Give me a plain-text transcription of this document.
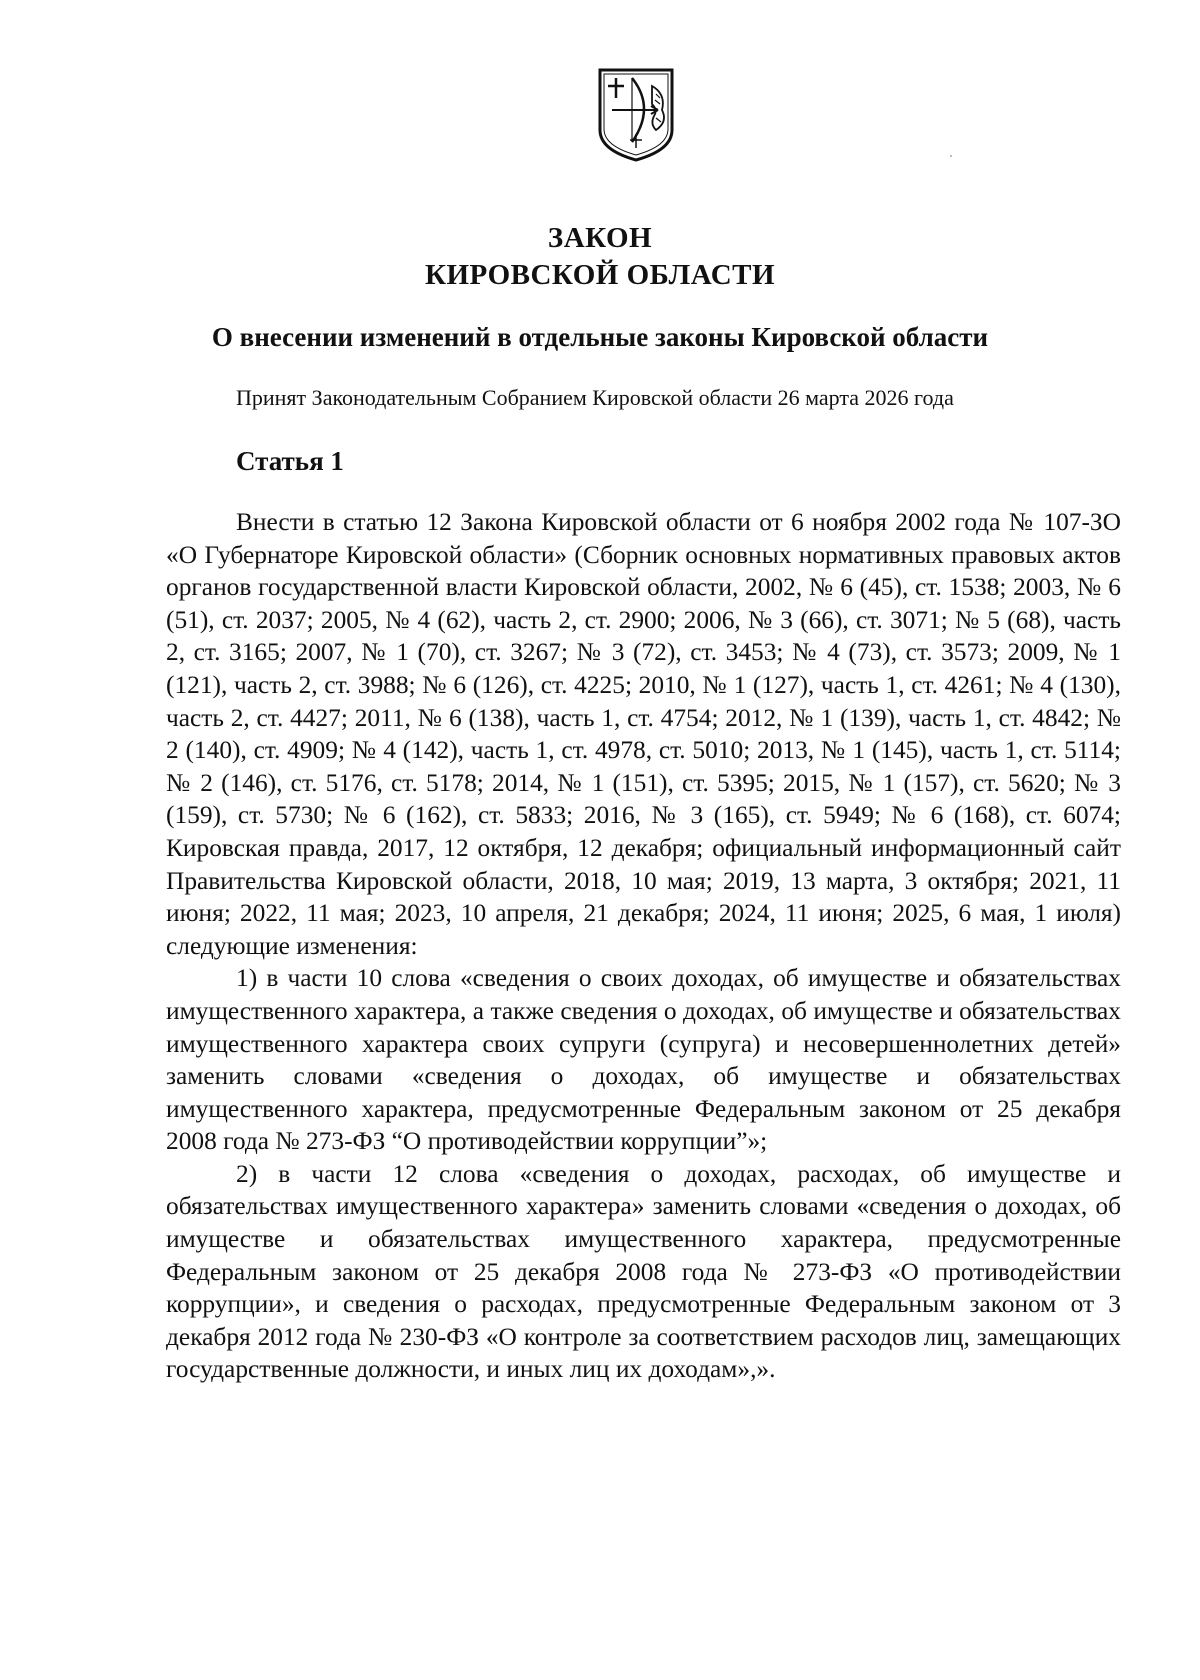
ЗАКОН
КИРОВСКОЙ ОБЛАСТИ
О внесении изменений в отдельные законы Кировской области

Принят Законодательным Собранием Кировской области 26 марта 2026 года

Статья 1

Внести в статью 12 Закона Кировской области от 6 ноября 2002 года № 107-ЗО «О Губернаторе Кировской области» (Сборник основных нормативных правовых актов органов государственной власти Кировской области, 2002, № 6 (45), ст. 1538; 2003, № 6 (51), ст. 2037; 2005, № 4 (62), часть 2, ст. 2900; 2006, № 3 (66), ст. 3071; № 5 (68), часть 2, ст. 3165; 2007, № 1 (70), ст. 3267; № 3 (72), ст. 3453; № 4 (73), ст. 3573; 2009, № 1 (121), часть 2, ст. 3988; № 6 (126), ст. 4225; 2010, № 1 (127), часть 1, ст. 4261; № 4 (130), часть 2, ст. 4427; 2011, № 6 (138), часть 1, ст. 4754; 2012, № 1 (139), часть 1, ст. 4842; № 2 (140), ст. 4909; № 4 (142), часть 1, ст. 4978, ст. 5010; 2013, № 1 (145), часть 1, ст. 5114; № 2 (146), ст. 5176, ст. 5178; 2014, № 1 (151), ст. 5395; 2015, № 1 (157), ст. 5620; № 3 (159), ст. 5730; № 6 (162), ст. 5833; 2016, № 3 (165), ст. 5949; № 6 (168), ст. 6074; Кировская правда, 2017, 12 октября, 12 декабря; официальный информационный сайт Правительства Кировской области, 2018, 10 мая; 2019, 13 марта, 3 октября; 2021, 11 июня; 2022, 11 мая; 2023, 10 апреля, 21 декабря; 2024, 11 июня; 2025, 6 мая, 1 июля) следующие изменения:

1) в части 10 слова «сведения о своих доходах, об имуществе и обязательствах имущественного характера, а также сведения о доходах, об имуществе и обязательствах имущественного характера своих супруги (супруга) и несовершеннолетних детей» заменить словами «сведения о доходах, об имуществе и обязательствах имущественного характера, предусмотренные Федеральным законом от 25 декабря 2008 года № 273-ФЗ “О противодействии коррупции”»;

2) в части 12 слова «сведения о доходах, расходах, об имуществе и обязательствах имущественного характера» заменить словами «сведения о доходах, об имуществе и обязательствах имущественного характера, предусмотренные Федеральным законом от 25 декабря 2008 года № 273-ФЗ «О противодействии коррупции», и сведения о расходах, предусмотренные Федеральным законом от 3 декабря 2012 года № 230-ФЗ «О контроле за соответствием расходов лиц, замещающих государственные должности, и иных лиц их доходам»,».
